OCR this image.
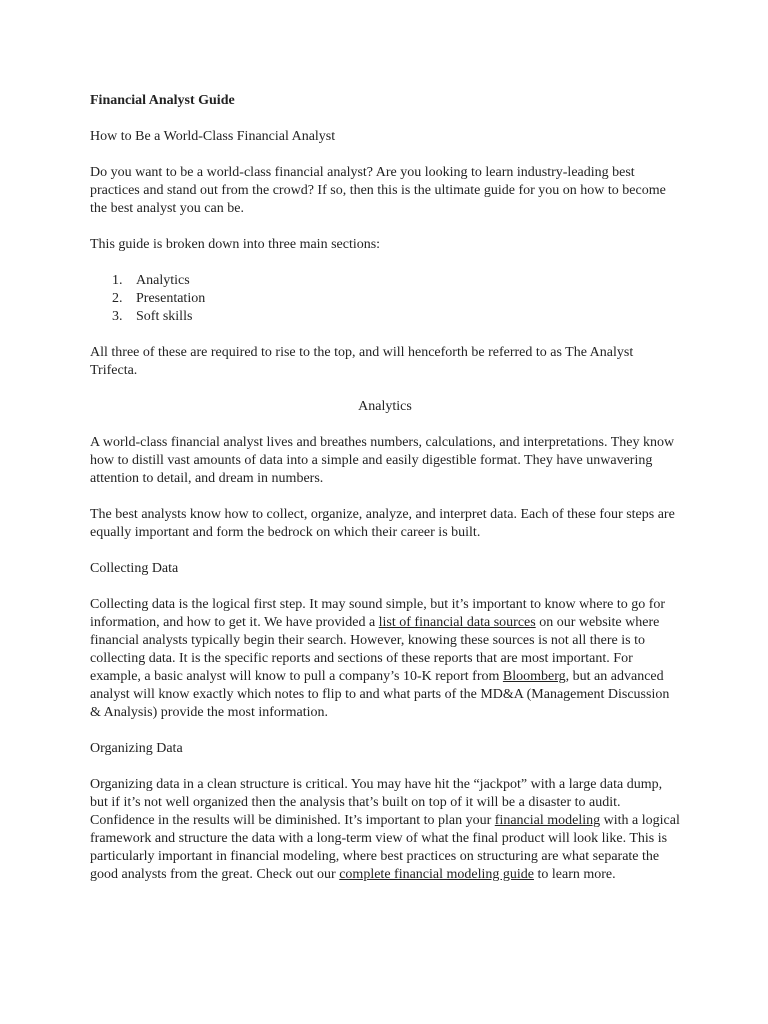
Financial Analyst Guide

How to Be a World-Class Financial Analyst

Do you want to be a world-class financial analyst? Are you looking to learn industry-leading best practices and stand out from the crowd? If so, then this is the ultimate guide for you on how to become the best analyst you can be.

This guide is broken down into three main sections:

1. Analytics
2. Presentation
3. Soft skills

All three of these are required to rise to the top, and will henceforth be referred to as The Analyst Trifecta.

Analytics

A world-class financial analyst lives and breathes numbers, calculations, and interpretations. They know how to distill vast amounts of data into a simple and easily digestible format. They have unwavering attention to detail, and dream in numbers.

The best analysts know how to collect, organize, analyze, and interpret data. Each of these four steps are equally important and form the bedrock on which their career is built.

Collecting Data

Collecting data is the logical first step. It may sound simple, but it’s important to know where to go for information, and how to get it. We have provided a list of financial data sources on our website where financial analysts typically begin their search. However, knowing these sources is not all there is to collecting data. It is the specific reports and sections of these reports that are most important. For example, a basic analyst will know to pull a company’s 10-K report from Bloomberg, but an advanced analyst will know exactly which notes to flip to and what parts of the MD&A (Management Discussion & Analysis) provide the most information.

Organizing Data

Organizing data in a clean structure is critical. You may have hit the “jackpot” with a large data dump, but if it’s not well organized then the analysis that’s built on top of it will be a disaster to audit. Confidence in the results will be diminished. It’s important to plan your financial modeling with a logical framework and structure the data with a long-term view of what the final product will look like. This is particularly important in financial modeling, where best practices on structuring are what separate the good analysts from the great. Check out our complete financial modeling guide to learn more.
